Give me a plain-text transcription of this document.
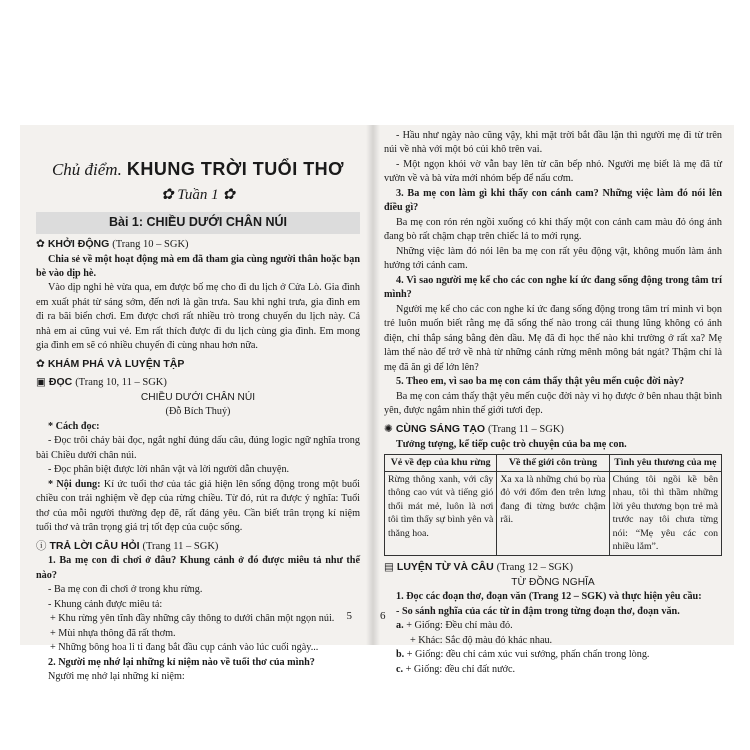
Chủ điểm. KHUNG TRỜI TUỔI THƠ
✿ Tuần 1 ✿
Bài 1: CHIỀU DƯỚI CHÂN NÚI
✿ KHỞI ĐỘNG (Trang 10 – SGK)

Chia sẻ về một hoạt động mà em đã tham gia cùng người thân hoặc bạn bè vào dịp hè.

Vào dịp nghỉ hè vừa qua, em được bố mẹ cho đi du lịch ở Cửa Lò. Gia đình em xuất phát từ sáng sớm, đến nơi là gần trưa. Sau khi nghỉ trưa, gia đình em đi ra bãi biển chơi. Em được chơi rất nhiều trò trong chuyến du lịch này. Cả nhà em ai cũng vui vẻ. Em rất thích được đi du lịch cùng gia đình. Em mong gia đình em sẽ có nhiều chuyến đi cùng nhau hơn nữa.

✿ KHÁM PHÁ VÀ LUYỆN TẬP
▣ ĐỌC (Trang 10, 11 – SGK)

CHIỀU DƯỚI CHÂN NÚI

(Đỗ Bích Thuỷ)

* Cách đọc:

- Đọc trôi chảy bài đọc, ngắt nghỉ đúng dấu câu, đúng logic ngữ nghĩa trong bài Chiều dưới chân núi.

- Đọc phân biệt được lời nhân vật và lời người dẫn chuyện.

* Nội dung: Kí ức tuổi thơ của tác giả hiện lên sống động trong một buổi chiều con trải nghiệm về đẹp của rừng chiều. Từ đó, rút ra được ý nghĩa: Tuổi thơ của mỗi người thường đẹp đẽ, rất đáng yêu. Cần biết trân trọng kí niệm tuổi thơ và trân trọng giá trị tốt đẹp của cuộc sống.

ⓘ TRẢ LỜI CÂU HỎI (Trang 11 – SGK)

1. Ba mẹ con đi chơi ở đâu? Khung cảnh ở đó được miêu tả như thế nào?

- Ba mẹ con đi chơi ở trong khu rừng.

- Khung cảnh được miêu tả:

+ Khu rừng yên tĩnh đầy những cây thông to dưới chân một ngọn núi.

+ Mùi nhựa thông đã rất thơm.

+ Những bông hoa li ti đang bắt đầu cụp cánh vào lúc cuối ngày...

2. Người mẹ nhớ lại những kỉ niệm nào về tuổi thơ của mình?

Người mẹ nhớ lại những kỉ niệm:

5

- Hầu như ngày nào cũng vậy, khi mặt trời bắt đầu lặn thì người mẹ đi từ trên núi về nhà với một bó củi khô trên vai.

- Một ngọn khói vờ vẫn bay lên từ căn bếp nhỏ. Người mẹ biết là mẹ đã từ vườn về và bà vừa mới nhóm bếp để nấu cơm.

3. Ba mẹ con làm gì khi thấy con cánh cam? Những việc làm đó nói lên điều gì?

Ba mẹ con rón rén ngồi xuống có khi thấy một con cánh cam màu đỏ óng ánh đang bò rất chậm chạp trên chiếc lá to mới rụng.

Những việc làm đó nói lên ba mẹ con rất yêu động vật, không muốn làm ảnh hưởng tới cánh cam.

4. Vì sao người mẹ kể cho các con nghe kí ức đang sống động trong tâm trí mình?

Người mẹ kể cho các con nghe kí ức đang sống động trong tâm trí mình vì bọn trẻ luôn muốn biết rằng mẹ đã sống thế nào trong cái thung lũng không có ánh điện, chỉ thắp sáng bằng đèn dầu. Mẹ đã đi học thế nào khi trường ở rất xa? Mẹ làm thế nào để trở về nhà từ những cánh rừng mênh mông bát ngát? Thậm chí là mẹ đã ăn gì để lớn lên?

5. Theo em, vì sao ba mẹ con cảm thấy thật yêu mến cuộc đời này?

Ba mẹ con cảm thấy thật yêu mến cuộc đời này vì họ được ở bên nhau thật bình yên, được ngắm nhìn thế giới tươi đẹp.

✺ CÙNG SÁNG TẠO (Trang 11 – SGK)

Tưởng tượng, kể tiếp cuộc trò chuyện của ba mẹ con.

Vẻ về đẹp của khu rừng	Về thế giới côn trùng	Tình yêu thương của mẹ
Rừng thông xanh, với cây thông cao vút và tiếng gió thổi mát mẻ, luôn là nơi tôi tìm thấy sự bình yên và thăng hoa.	Xa xa là những chú bọ rùa đỏ với đốm đen trên lưng đang đi từng bước chậm rãi.	Chúng tôi ngồi kề bên nhau, tôi thì thầm những lời yêu thương bọn trẻ mà trước nay tôi chưa từng nói: “Mẹ yêu các con nhiều lắm”.
▤ LUYỆN TỪ VÀ CÂU (Trang 12 – SGK)

TỪ ĐỒNG NGHĨA

1. Đọc các đoạn thơ, đoạn văn (Trang 12 – SGK) và thực hiện yêu cầu:

- So sánh nghĩa của các từ in đậm trong từng đoạn thơ, đoạn văn.

a. + Giống: Đều chỉ màu đỏ.

+ Khác: Sắc độ màu đỏ khác nhau.

b. + Giống: đều chỉ cảm xúc vui sướng, phấn chấn trong lòng.

c. + Giống: đều chỉ đất nước.

6
